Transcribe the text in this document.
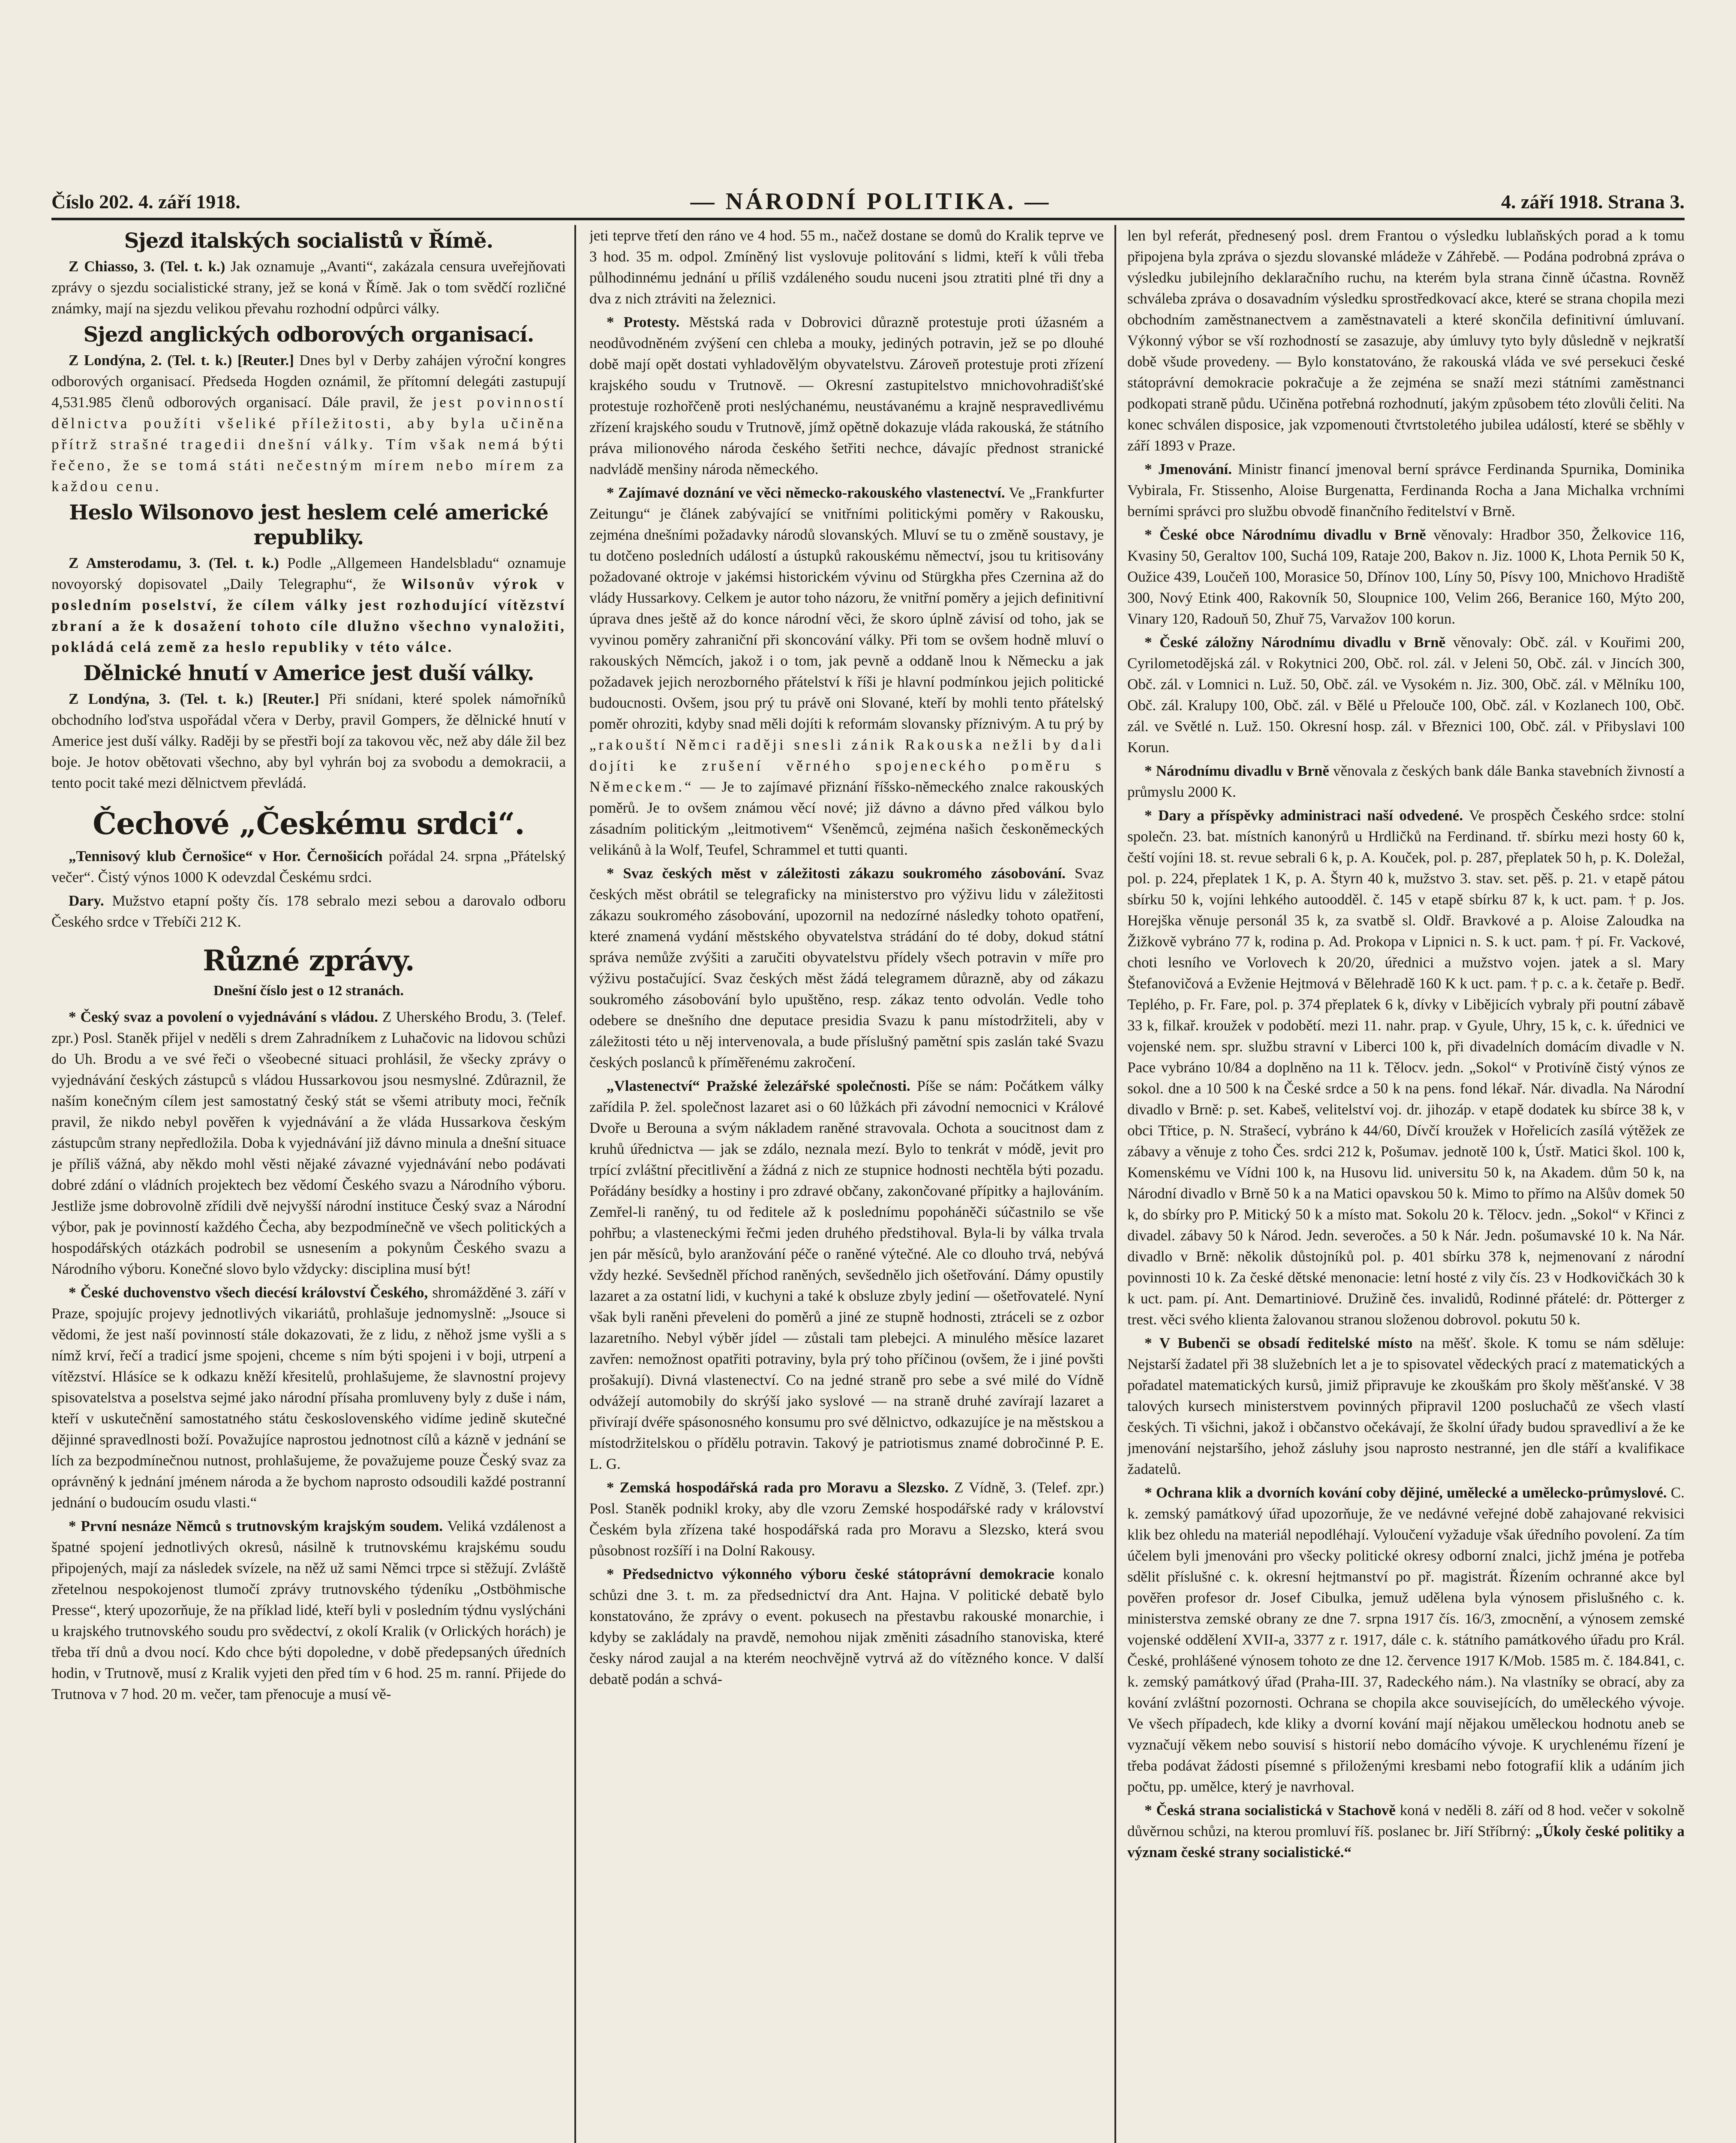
Číslo 202. 4. září 1918.	— NÁRODNÍ POLITIKA. —	4. září 1918. Strana 3.
Sjezd italských socialistů v Římě.

Z Chiasso, 3. (Tel. t. k.) Jak oznamuje „Avanti“, zakázala censura uveřejňovati zprávy o sjezdu socialistické strany, jež se koná v Římě. Jak o tom svědčí rozličné známky, mají na sjezdu velikou převahu rozhodní odpůrci války.

Sjezd anglických odborových organisací.

Z Londýna, 2. (Tel. t. k.) [Reuter.] Dnes byl v Derby zahájen výroční kongres odborových organisací. Předseda Hogden oznámil, že přítomní delegáti zastupují 4,531.985 členů odborových organisací. Dále pravil, že jest povinností dělnictva použíti všeliké příležitosti, aby byla učiněna přítrž strašné tragedii dnešní války. Tím však nemá býti řečeno, že se tomá státi nečestným mírem nebo mírem za každou cenu.

Heslo Wilsonovo jest heslem celé americké republiky.

Z Amsterodamu, 3. (Tel. t. k.) Podle „Allgemeen Handelsbladu“ oznamuje novoyorský dopisovatel „Daily Telegraphu“, že Wilsonův výrok v posledním poselství, že cílem války jest rozhodující vítězství zbraní a že k dosažení tohoto cíle dlužno všechno vynaložiti, pokládá celá země za heslo republiky v této válce.

Dělnické hnutí v Americe jest duší války.

Z Londýna, 3. (Tel. t. k.) [Reuter.] Při snídani, které spolek námořníků obchodního loďstva uspořádal včera v Derby, pravil Gompers, že dělnické hnutí v Americe jest duší války. Raději by se přestři bojí za takovou věc, než aby dále žil bez boje. Je hotov obětovati všechno, aby byl vyhrán boj za svobodu a demokracii, a tento pocit také mezi dělnictvem převládá.

Čechové „Českému srdci“.

„Tennisový klub Černošice“ v Hor. Černošicích pořádal 24. srpna „Přátelský večer“. Čistý výnos 1000 K odevzdal Českému srdci.

Dary. Mužstvo etapní pošty čís. 178 sebralo mezi sebou a darovalo odboru Českého srdce v Třebíči 212 K.

Různé zprávy.
Dnešní číslo jest o 12 stranách.

* Český svaz a povolení o vyjednávání s vládou. Z Uherského Brodu, 3. (Telef. zpr.) Posl. Staněk přijel v neděli s drem Zahradníkem z Luhačovic na lidovou schůzi do Uh. Brodu a ve své řeči o všeobecné situaci prohlásil, že všecky zprávy o vyjednávání českých zástupců s vládou Hussarkovou jsou nesmyslné. Zdůraznil, že naším konečným cílem jest samostatný český stát se všemi atributy moci, řečník pravil, že nikdo nebyl pověřen k vyjednávání a že vláda Hussarkova českým zástupcům strany nepředložila. Doba k vyjednávání již dávno minula a dnešní situace je příliš vážná, aby někdo mohl věsti nějaké závazné vyjednávání nebo podávati dobré zdání o vládních projektech bez vědomí Českého svazu a Národního výboru. Jestliže jsme dobrovolně zřídili dvě nejvyšší národní instituce Český svaz a Národní výbor, pak je povinností každého Čecha, aby bezpodmínečně ve všech politických a hospodářských otázkách podrobil se usnesením a pokynům Českého svazu a Národního výboru. Konečné slovo bylo vždycky: disciplina musí být!

* České duchovenstvo všech diecésí království Českého, shromážděné 3. září v Praze, spojujíc projevy jednotlivých vikariátů, prohlašuje jednomyslně: „Jsouce si vědomi, že jest naší povinností stále dokazovati, že z lidu, z něhož jsme vyšli a s nímž krví, řečí a tradicí jsme spojeni, chceme s ním býti spojeni i v boji, utrpení a vítězství. Hlásíce se k odkazu kněží křesitelů, prohlašujeme, že slavnostní projevy spisovatelstva a poselstva sejmé jako národní přísaha promluveny byly z duše i nám, kteří v uskutečnění samostatného státu československého vidíme jedině skutečné dějinné spravedlnosti boží. Považujíce naprostou jednotnost cílů a kázně v jednání se lích za bezpodmínečnou nutnost, prohlašujeme, že považujeme pouze Český svaz za oprávněný k jednání jménem národa a že bychom naprosto odsoudili každé postranní jednání o budoucím osudu vlasti.“

* První nesnáze Němců s trutnovským krajským soudem. Veliká vzdálenost a špatné spojení jednotlivých okresů, násilně k trutnovskému krajskému soudu připojených, mají za následek svízele, na něž už sami Němci trpce si stěžují. Zvláště zřetelnou nespokojenost tlumočí zprávy trutnovského týdeníku „Ostböhmische Presse“, který upozorňuje, že na příklad lidé, kteří byli v posledním týdnu vyslýcháni u krajského trutnovského soudu pro svědectví, z okolí Kralik (v Orlických horách) je třeba tří dnů a dvou nocí. Kdo chce býti dopoledne, v době předepsaných úředních hodin, v Trutnově, musí z Kralik vyjeti den před tím v 6 hod. 25 m. ranní. Přijede do Trutnova v 7 hod. 20 m. večer, tam přenocuje a musí vě-

jeti teprve třetí den ráno ve 4 hod. 55 m., načež dostane se domů do Kralik teprve ve 3 hod. 35 m. odpol. Zmíněný list vyslovuje politování s lidmi, kteří k vůli třeba půlhodinnému jednání u příliš vzdáleného soudu nuceni jsou ztratiti plné tři dny a dva z nich ztráviti na železnici.

* Protesty. Městská rada v Dobrovici důrazně protestuje proti úžasném a neodůvodněném zvýšení cen chleba a mouky, jediných potravin, jež se po dlouhé době mají opět dostati vyhladovělým obyvatelstvu. Zároveň protestuje proti zřízení krajského soudu v Trutnově. — Okresní zastupitelstvo mnichovohradišťské protestuje rozhořčeně proti neslýchanému, neustávanému a krajně nespravedlivému zřízení krajského soudu v Trutnově, jímž opětně dokazuje vláda rakouská, že státního práva milionového národa českého šetřiti nechce, dávajíc přednost stranické nadvládě menšiny národa německého.

* Zajímavé doznání ve věci německo-rakouského vlastenectví. Ve „Frankfurter Zeitungu“ je článek zabývající se vnitřními politickými poměry v Rakousku, zejména dnešními požadavky národů slovanských. Mluví se tu o změně soustavy, je tu dotčeno posledních událostí a ústupků rakouskému němectví, jsou tu kritisovány požadované oktroje v jakémsi historickém vývinu od Stürgkha přes Czernina až do vlády Hussarkovy. Celkem je autor toho názoru, že vnitřní poměry a jejich definitivní úprava dnes ještě až do konce národní věci, že skoro úplně závisí od toho, jak se vyvinou poměry zahraniční při skoncování války. Při tom se ovšem hodně mluví o rakouských Němcích, jakož i o tom, jak pevně a oddaně lnou k Německu a jak požadavek jejich nerozborného přátelství k říši je hlavní podmínkou jejich politické budoucnosti. Ovšem, jsou prý tu právě oni Slované, kteří by mohli tento přátelský poměr ohroziti, kdyby snad měli dojíti k reformám slovansky příznivým. A tu prý by „rakouští Němci raději snesli zánik Rakouska nežli by dali dojíti ke zrušení věrného spojeneckého poměru s Německem.“ — Je to zajímavé přiznání říšsko-německého znalce rakouských poměrů. Je to ovšem známou věcí nové; již dávno a dávno před válkou bylo zásadním politickým „leitmotivem“ Všeněmců, zejména našich českoněmeckých velikánů à la Wolf, Teufel, Schrammel et tutti quanti.

* Svaz českých měst v záležitosti zákazu soukromého zásobování. Svaz českých měst obrátil se telegraficky na ministerstvo pro výživu lidu v záležitosti zákazu soukromého zásobování, upozornil na nedozírné následky tohoto opatření, které znamená vydání městského obyvatelstva strádání do té doby, dokud státní správa nemůže zvýšiti a zaručiti obyvatelstvu přídely všech potravin v míře pro výživu postačující. Svaz českých měst žádá telegramem důrazně, aby od zákazu soukromého zásobování bylo upuštěno, resp. zákaz tento odvolán. Vedle toho odebere se dnešního dne deputace presidia Svazu k panu místodržiteli, aby v záležitosti této u něj intervenovala, a bude příslušný pamětní spis zaslán také Svazu českých poslanců k příměřenému zakročení.

„Vlastenectví“ Pražské železářské společnosti. Píše se nám: Počátkem války zařídila P. žel. společnost lazaret asi o 60 lůžkách při závodní nemocnici v Králové Dvoře u Berouna a svým nákladem raněné stravovala. Ochota a soucitnost dam z kruhů úřednictva — jak se zdálo, neznala mezí. Bylo to tenkrát v módě, jevit pro trpící zvláštní přecitlivění a žádná z nich ze stupnice hodnosti nechtěla býti pozadu. Pořádány besídky a hostiny i pro zdravé občany, zakončované přípitky a hajlováním. Zemřel-li raněný, tu od ředitele až k poslednímu popoháněči súčastnilo se vše pohřbu; a vlasteneckými řečmi jeden druhého předstihoval. Byla-li by válka trvala jen pár měsíců, bylo aranžování péče o raněné výtečné. Ale co dlouho trvá, nebývá vždy hezké. Sevšedněl příchod raněných, sevšednělo jich ošetřování. Dámy opustily lazaret a za ostatní lidi, v kuchyni a také k obsluze zbyly jediní — ošetřovatelé. Nyní však byli raněni převeleni do poměrů a jiné ze stupně hodnosti, ztráceli se z ozbor lazaretního. Nebyl výběr jídel — zůstali tam plebejci. A minulého měsíce lazaret zavřen: nemožnost opatřiti potraviny, byla prý toho příčinou (ovšem, že i jiné povšti prošakují). Divná vlastenectví. Co na jedné straně pro sebe a své milé do Vídně odvážejí automobily do skrýší jako syslové — na straně druhé zavírají lazaret a přivírají dvéře spásonosného konsumu pro své dělnictvo, odkazujíce je na městskou a místodržitelskou o přídělu potravin. Takový je patriotismus znamé dobročinné P. E. L. G.

* Zemská hospodářská rada pro Moravu a Slezsko. Z Vídně, 3. (Telef. zpr.) Posl. Staněk podnikl kroky, aby dle vzoru Zemské hospodářské rady v království Českém byla zřízena také hospodářská rada pro Moravu a Slezsko, která svou působnost rozšíří i na Dolní Rakousy.

* Předsednictvo výkonného výboru české státoprávní demokracie konalo schůzi dne 3. t. m. za předsednictví dra Ant. Hajna. V politické debatě bylo konstatováno, že zprávy o event. pokusech na přestavbu rakouské monarchie, i kdyby se zakládaly na pravdě, nemohou nijak změniti zásadního stanoviska, které česky národ zaujal a na kterém neochvějně vytrvá až do vítězného konce. V další debatě podán a schvá-

len byl referát, přednesený posl. drem Frantou o výsledku lublaňských porad a k tomu připojena byla zpráva o sjezdu slovanské mládeže v Záhřebě. — Podána podrobná zpráva o výsledku jubilejního deklaračního ruchu, na kterém byla strana činně účastna. Rovněž schváleba zpráva o dosavadním výsledku sprostředkovací akce, které se strana chopila mezi obchodním zaměstnanectvem a zaměstnavateli a které skončila definitivní úmluvaní. Výkonný výbor se vší rozhodností se zasazuje, aby úmluvy tyto byly důsledně v nejkratší době všude provedeny. — Bylo konstatováno, že rakouská vláda ve své persekuci české státoprávní demokracie pokračuje a že zejména se snaží mezi státními zaměstnanci podkopati straně půdu. Učiněna potřebná rozhodnutí, jakým způsobem této zlovůli čeliti. Na konec schválen disposice, jak vzpomenouti čtvrtstoletého jubilea událostí, které se sběhly v září 1893 v Praze.

* Jmenování. Ministr financí jmenoval berní správce Ferdinanda Spurnika, Dominika Vybirala, Fr. Stissenho, Aloise Burgenatta, Ferdinanda Rocha a Jana Michalka vrchními berními správci pro službu obvodě finančního ředitelství v Brně.

* České obce Národnímu divadlu v Brně věnovaly: Hradbor 350, Želkovice 116, Kvasiny 50, Geraltov 100, Suchá 109, Rataje 200, Bakov n. Jiz. 1000 K, Lhota Pernik 50 K, Oužice 439, Loučeň 100, Morasice 50, Dřínov 100, Líny 50, Písvy 100, Mnichovo Hradiště 300, Nový Etink 400, Rakovník 50, Sloupnice 100, Velim 266, Beranice 160, Mýto 200, Vinary 120, Radouň 50, Zhuř 75, Varvažov 100 korun.

* České záložny Národnímu divadlu v Brně věnovaly: Obč. zál. v Kouřimi 200, Cyrilometodějská zál. v Rokytnici 200, Obč. rol. zál. v Jeleni 50, Obč. zál. v Jincích 300, Obč. zál. v Lomnici n. Luž. 50, Obč. zál. ve Vysokém n. Jiz. 300, Obč. zál. v Mělníku 100, Obč. zál. Kralupy 100, Obč. zál. v Bělé u Přelouče 100, Obč. zál. v Kozlanech 100, Obč. zál. ve Světlé n. Luž. 150. Okresní hosp. zál. v Březnici 100, Obč. zál. v Přibyslavi 100 Korun.

* Národnímu divadlu v Brně věnovala z českých bank dále Banka stavebních živností a průmyslu 2000 K.

* Dary a příspěvky administraci naší odvedené. Ve prospěch Českého srdce: stolní společn. 23. bat. místních kanonýrů u Hrdličků na Ferdinand. tř. sbírku mezi hosty 60 k, čeští vojíni 18. st. revue sebrali 6 k, p. A. Kouček, pol. p. 287, přeplatek 50 h, p. K. Doležal, pol. p. 224, přeplatek 1 K, p. A. Štyrn 40 k, mužstvo 3. stav. set. pěš. p. 21. v etapě pátou sbírku 50 k, vojíni lehkého autoodděl. č. 145 v etapě sbírku 87 k, k uct. pam. † p. Jos. Horejška věnuje personál 35 k, za svatbě sl. Oldř. Bravkové a p. Aloise Zaloudka na Žižkově vybráno 77 k, rodina p. Ad. Prokopa v Lipnici n. S. k uct. pam. † pí. Fr. Vackové, choti lesního ve Vorlovech k 20/20, úřednici a mužstvo vojen. jatek a sl. Mary Štefanovičová a Evženie Hejtmová v Bělehradě 160 K k uct. pam. † p. c. a k. četaře p. Bedř. Teplého, p. Fr. Fare, pol. p. 374 přeplatek 6 k, dívky v Libějicích vybraly při poutní zábavě 33 k, filkař. kroužek v podobětí. mezi 11. nahr. prap. v Gyule, Uhry, 15 k, c. k. úřednici ve vojenské nem. spr. službu stravní v Liberci 100 k, při divadelních domácím divadle v N. Pace vybráno 10/84 a doplněno na 11 k. Tělocv. jedn. „Sokol“ v Protivíně čistý výnos ze sokol. dne a 10 500 k na České srdce a 50 k na pens. fond lékař. Nár. divadla. Na Národní divadlo v Brně: p. set. Kabeš, velitelství voj. dr. jihozáp. v etapě dodatek ku sbírce 38 k, v obci Třtice, p. N. Strašecí, vybráno k 44/60, Dívčí kroužek v Hořelicích zasílá výtěžek ze zábavy a věnuje z toho Čes. srdci 212 k, Pošumav. jednotě 100 k, Ústř. Matici škol. 100 k, Komenskému ve Vídni 100 k, na Husovu lid. universitu 50 k, na Akadem. dům 50 k, na Národní divadlo v Brně 50 k a na Matici opavskou 50 k. Mimo to přímo na Alšův domek 50 k, do sbírky pro P. Mitický 50 k a místo mat. Sokolu 20 k. Tělocv. jedn. „Sokol“ v Křinci z divadel. zábavy 50 k Národ. Jedn. severočes. a 50 k Nár. Jedn. pošumavské 10 k. Na Nár. divadlo v Brně: několik důstojníků pol. p. 401 sbírku 378 k, nejmenovaní z národní povinnosti 10 k. Za české dětské menonacie: letní hosté z vily čís. 23 v Hodkovičkách 30 k k uct. pam. pí. Ant. Demartiniové. Družině čes. invalidů, Rodinné přátelé: dr. Pötterger z trest. věci svého klienta žalovanou stranou složenou dobrovol. pokutu 50 k.

* V Bubenči se obsadí ředitelské místo na měšť. škole. K tomu se nám sděluje: Nejstarší žadatel při 38 služebních let a je to spisovatel vědeckých prací z matematických a pořadatel matematických kursů, jimiž připravuje ke zkouškám pro školy měšťanské. V 38 talových kursech ministerstvem povinných připravil 1200 posluchačů ze všech vlastí českých. Ti všichni, jakož i občanstvo očekávají, že školní úřady budou spravedliví a že ke jmenování nejstaršího, jehož zásluhy jsou naprosto nestranné, jen dle stáří a kvalifikace žadatelů.

* Ochrana klik a dvorních kování coby dějiné, umělecké a umělecko-průmyslové. C. k. zemský památkový úřad upozorňuje, že ve nedávné veřejné době zahajované rekvisici klik bez ohledu na materiál nepodléhají. Vyloučení vyžaduje však úředního povolení. Za tím účelem byli jmenováni pro všecky politické okresy odborní znalci, jichž jména je potřeba sdělit příslušné c. k. okresní hejtmanství po př. magistrát. Řízením ochranné akce byl pověřen profesor dr. Josef Cibulka, jemuž udělena byla výnosem přislušného c. k. ministerstva zemské obrany ze dne 7. srpna 1917 čís. 16/3, zmocnění, a výnosem zemské vojenské oddělení XVII-a, 3377 z r. 1917, dále c. k. státního památkového úřadu pro Král. České, prohlášené výnosem tohoto ze dne 12. července 1917 K/Mob. 1585 m. č. 184.841, c. k. zemský památkový úřad (Praha-III. 37, Radeckého nám.). Na vlastníky se obrací, aby za kování zvláštní pozornosti. Ochrana se chopila akce souvisejících, do uměleckého vývoje. Ve všech případech, kde kliky a dvorní kování mají nějakou uměleckou hodnotu aneb se vyznačují věkem nebo souvisí s historií nebo domácího vývoje. K urychlenému řízení je třeba podávat žádosti písemné s přiloženými kresbami nebo fotografií klik a udáním jich počtu, pp. umělce, který je navrhoval.

* Česká strana socialistická v Stachově koná v neděli 8. září od 8 hod. večer v sokolně důvěrnou schůzi, na kterou promluví říš. poslanec br. Jiří Stříbrný: „Úkoly české politiky a význam české strany socialistické.“
